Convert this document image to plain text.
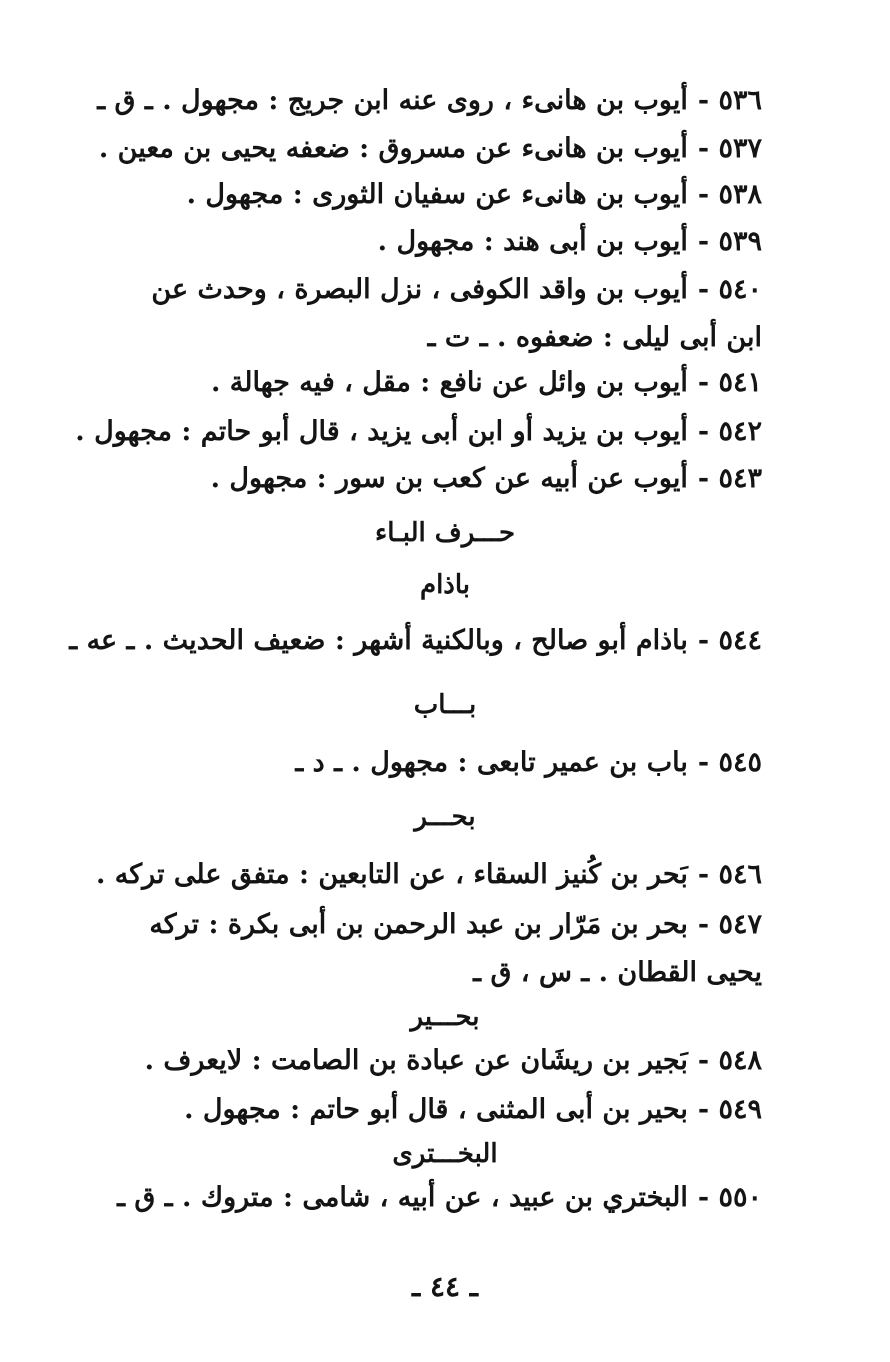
٥٣٦ -أيوب بن هانىء ، روى عنه ابن جريج : مجهول . ـ ق ـ
٥٣٧ -أيوب بن هانىء عن مسروق : ضعفه يحيى بن معين .
٥٣٨ -أيوب بن هانىء عن سفيان الثورى : مجهول .
٥٣٩ -أيوب بن أبى هند : مجهول .
٥٤٠ -أيوب بن واقد الكوفى ، نزل البصرة ، وحدث عن ابن أبى ليلى : ضعفوه . ـ ت ـ
٥٤١ -أيوب بن وائل عن نافع : مقل ، فيه جهالة .
٥٤٢ -أيوب بن يزيد أو ابن أبى يزيد ، قال أبو حاتم : مجهول .
٥٤٣ -أيوب عن أبيه عن كعب بن سور : مجهول .
حـــرف البـاء
باذام
٥٤٤ -باذام أبو صالح ، وبالكنية أشهر : ضعيف الحديث . ـ عه ـ
بـــاب
٥٤٥ -باب بن عمير تابعى : مجهول . ـ د ـ
بحـــر
٥٤٦ -بَحر بن كُنيز السقاء ، عن التابعين : متفق على تركه .
٥٤٧ -بحر بن مَرّار بن عبد الرحمن بن أبى بكرة : تركه يحيى القطان . ـ س ، ق ـ
بحـــير
٥٤٨ -بَجير بن ريشَان عن عبادة بن الصامت : لايعرف .
٥٤٩ -بحير بن أبى المثنى ، قال أبو حاتم : مجهول .
البخـــترى
٥٥٠ -البختري بن عبيد ، عن أبيه ، شامى : متروك . ـ ق ـ
ـ ٤٤ ـ
